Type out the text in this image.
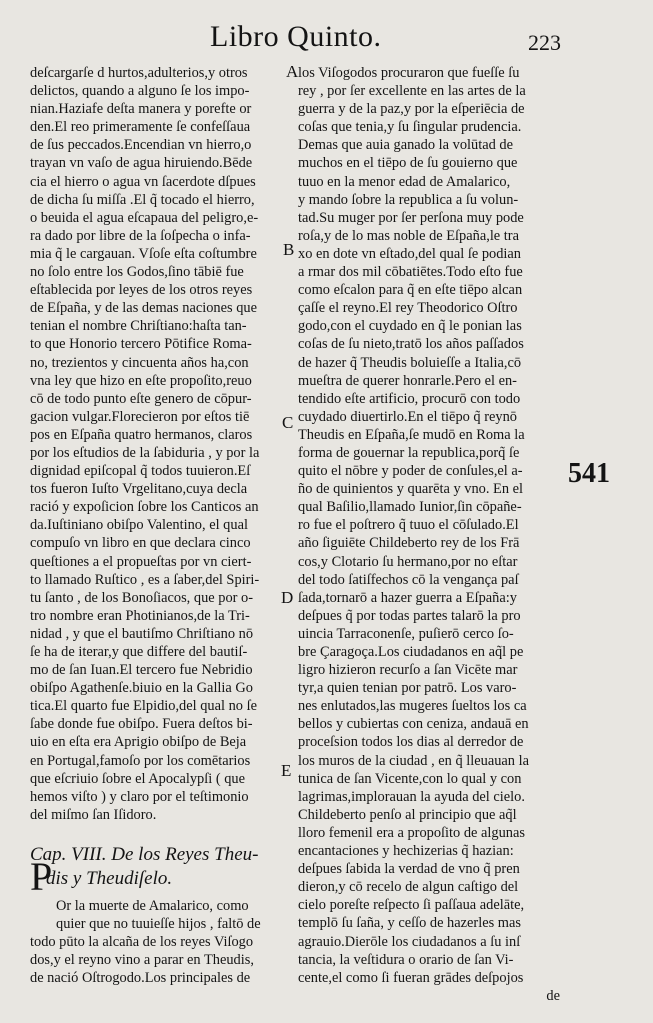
Libro Quinto.	223
deſcargarſe d hurtos,adulterios,y otros
delictos, quando a alguno ſe los impo-
nian.Haziafe deſta manera y porefte or
den.El reo primeramente ſe confeſſaua
de ſus peccados.Encendian vn hierro,o
trayan vn vaſo de agua hiruiendo.Bēde
cia el hierro o agua vn ſacerdote dſpues
de dicha ſu miſſa .El q̃ tocado el hierro,
o beuida el agua eſcapaua del peligro,e-
ra dado por libre de la ſoſpecha o infa-
mia q̃ le cargauan. Vſoſe eſta coſtumbre
no ſolo entre los Godos,ſino tābiē fue
eſtablecida por leyes de los otros reyes
de Eſpaña, y de las demas naciones que
tenian el nombre Chriſtiano:haſta tan-
to que Honorio tercero Pōtifice Roma-
no, trezientos y cincuenta años ha,con
vna ley que hizo en eſte propoſito,reuo
cō de todo punto eſte genero de cōpur-
gacion vulgar.Florecieron por eſtos tiē
pos en Eſpaña quatro hermanos, claros
por los eſtudios de la ſabiduria , y por la
dignidad epiſcopal q̃ todos tuuieron.Eſ
tos fueron Iuſto Vrgelitano,cuya decla
ració y expoſicion ſobre los Canticos an
da.Iuſtiniano obiſpo Valentino, el qual
compuſo vn libro en que declara cinco
queſtiones a el propueſtas por vn ciert-
to llamado Ruſtico , es a ſaber,del Spiri-
tu ſanto , de los Bonoſiacos, que por o-
tro nombre eran Photinianos,de la Tri-
nidad , y que el bautiſmo Chriſtiano nō
ſe ha de iterar,y que differe del bautiſ-
mo de ſan Iuan.El tercero fue Nebridio
obiſpo Agathenſe.biuio en la Gallia Go
tica.El quarto fue Elpidio,del qual no ſe
ſabe donde fue obiſpo. Fuera deſtos bi-
uio en eſta era Aprigio obiſpo de Beja
en Portugal,famoſo por los comētarios
que eſcriuio ſobre el Apocalypſi ( que
hemos viſto ) y claro por el teſtimonio
del miſmo ſan Iſidoro.
Cap. VIII. De los Reyes Theu-
dis y Theudiſelo.
Or la muerte de Amalarico, como
quier que no tuuieſſe hijos , faltō de
todo pūto la alcaña de los reyes Viſogo
dos,y el reyno vino a parar en Theudis,
de nació Oſtrogodo.Los principales de
P
los Viſogodos procuraron que fueſſe ſu
rey , por ſer excellente en las artes de la
guerra y de la paz,y por la eſperiēcia de
coſas que tenia,y ſu ſingular prudencia.
Demas que auia ganado la volūtad de
muchos en el tiēpo de ſu gouierno que
tuuo en la menor edad de Amalarico,
y mando ſobre la republica a ſu volun-
tad.Su muger por ſer perſona muy pode
roſa,y de lo mas noble de Eſpaña,le tra
xo en dote vn eſtado,del qual ſe podian
a rmar dos mil cōbatiētes.Todo eſto fue
como eſcalon para q̃ en eſte tiēpo alcan
çaſſe el reyno.El rey Theodorico Oſtro
godo,con el cuydado en q̃ le ponian las
coſas de ſu nieto,tratō los años paſſados
de hazer q̃ Theudis boluieſſe a Italia,cō
mueſtra de querer honrarle.Pero el en-
tendido eſte artificio, procurō con todo
cuydado diuertirlo.En el tiēpo q̃ reynō
Theudis en Eſpaña,ſe mudō en Roma la
forma de gouernar la republica,porq̃ ſe
quito el nōbre y poder de conſules,el a-
ño de quinientos y quarēta y vno. En el
qual Baſilio,llamado Iunior,ſin cōpañe-
ro fue el poſtrero q̃ tuuo el cōſulado.El
año ſiguiēte Childeberto rey de los Frā
cos,y Clotario ſu hermano,por no eſtar
del todo ſatiſfechos cō la vengança paſ
ſada,tornarō a hazer guerra a Eſpaña:y
deſpues q̃ por todas partes talarō la pro
uincia Tarraconenſe, puſierō cerco ſo-
bre Çaragoça.Los ciudadanos en aq̃l pe
ligro hizieron recurſo a ſan Vicēte mar
tyr,a quien tenian por patrō. Los varo-
nes enlutados,las mugeres ſueltos los ca
bellos y cubiertas con ceniza, andauā en
proceſsion todos los dias al derredor de
los muros de la ciudad , en q̃ lleuauan la
tunica de ſan Vicente,con lo qual y con
lagrimas,implorauan la ayuda del cielo.
Childeberto penſo al principio que aq̃l
lloro femenil era a propoſito de algunas
encantaciones y hechizerias q̃ hazian:
deſpues ſabida la verdad de vno q̃ pren
dieron,y cō recelo de algun caſtigo del
cielo poreſte reſpecto ſi paſſaua adelāte,
templō ſu ſaña, y ceſſo de hazerles mas
agrauio.Dierōle los ciudadanos a ſu inſ
tancia, la veſtidura o orario de ſan Vi-
cente,el como ſi fueran grādes deſpojos
de
A
B
C
D
E
541
